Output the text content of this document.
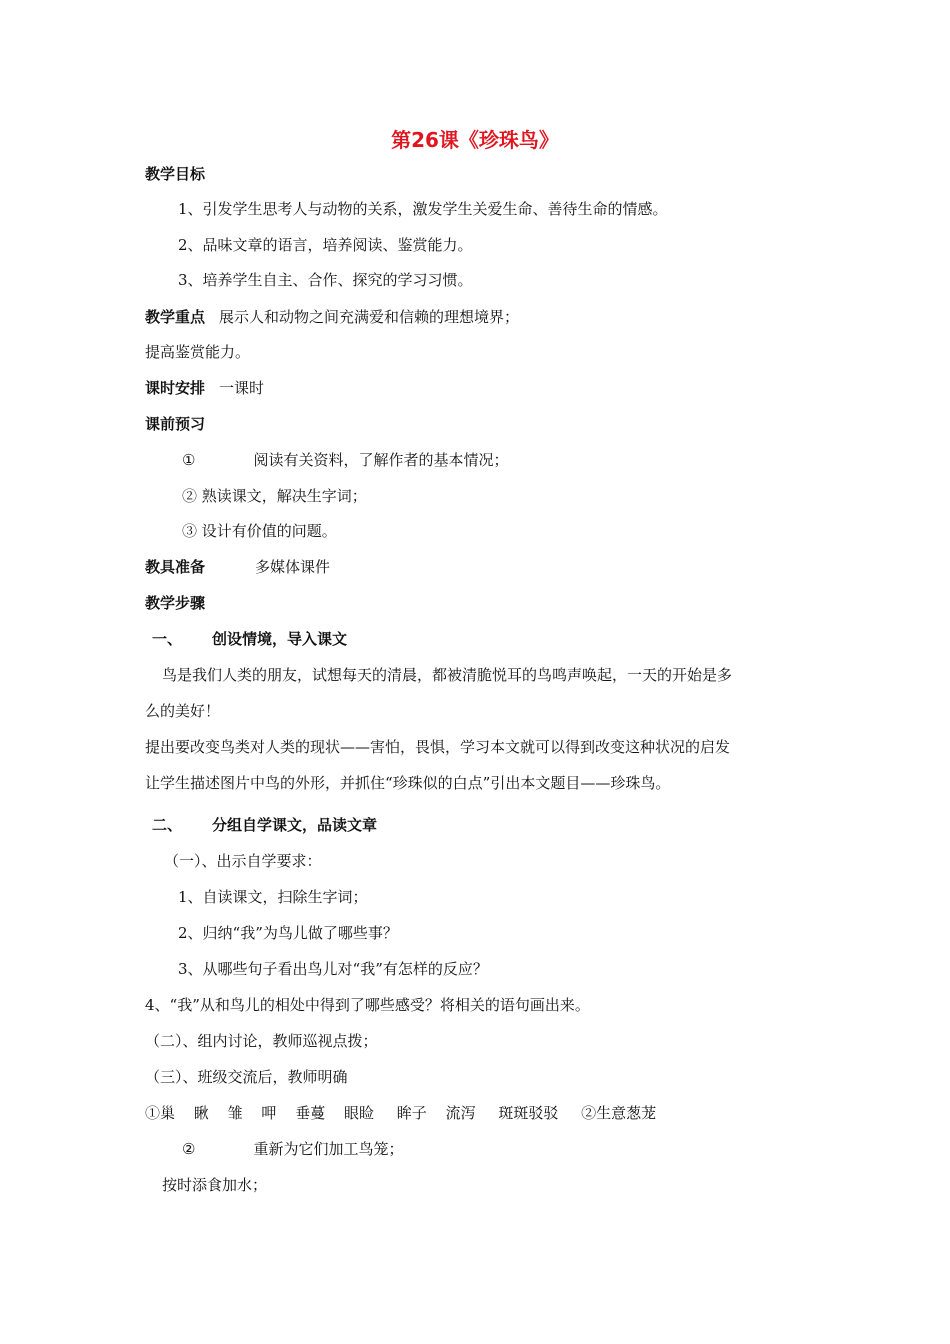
第26课《珍珠鸟》
教学目标
1、引发学生思考人与动物的关系，激发学生关爱生命、善待生命的情感。
2、品味文章的语言，培养阅读、鉴赏能力。
3、培养学生自主、合作、探究的学习习惯。
教学重点 展示人和动物之间充满爱和信赖的理想境界；
提高鉴赏能力。
课时安排 一课时
课前预习
①	阅读有关资料，了解作者的基本情况；
② 熟读课文，解决生字词；
③ 设计有价值的问题。
教具准备	多媒体课件
教学步骤
一、 创设情境，导入课文
鸟是我们人类的朋友，试想每天的清晨，都被清脆悦耳的鸟鸣声唤起，一天的开始是多
么的美好！
提出要改变鸟类对人类的现状——害怕，畏惧，学习本文就可以得到改变这种状况的启发
让学生描述图片中鸟的外形，并抓住“珍珠似的白点”引出本文题目——珍珠鸟。
二、 分组自学课文，品读文章
（一）、出示自学要求：
1、自读课文，扫除生字词；
2、归纳“我”为鸟儿做了哪些事？
3、从哪些句子看出鸟儿对“我”有怎样的反应？
4、“我”从和鸟儿的相处中得到了哪些感受？将相关的语句画出来。
（二）、组内讨论，教师巡视点拨；
（三）、班级交流后，教师明确
①巢 瞅 雏 呷 垂蔓 眼睑 眸子 流泻 斑斑驳驳 ②生意葱茏
②	重新为它们加工鸟笼；
按时添食加水；
